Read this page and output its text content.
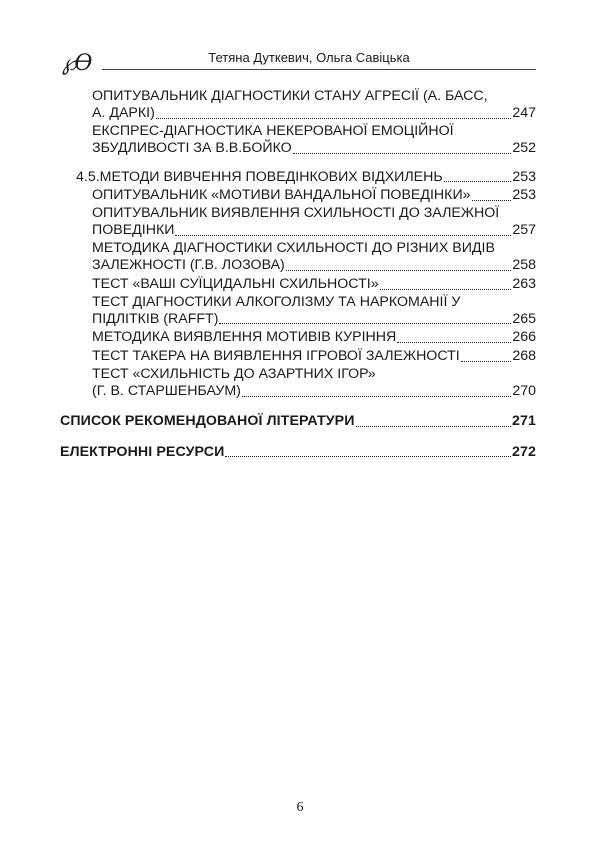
℘ϴ	Тетяна Дуткевич, Ольга Савіцька
ОПИТУВАЛЬНИК ДІАГНОСТИКИ СТАНУ АГРЕСІЇ (А. БАСС,
А. ДАРКІ)	247
ЕКСПРЕС-ДІАГНОСТИКА НЕКЕРОВАНОЇ ЕМОЦІЙНОЇ
ЗБУДЛИВОСТІ ЗА В.В.БОЙКО	252
4.5.МЕТОДИ ВИВЧЕННЯ ПОВЕДІНКОВИХ ВІДХИЛЕНЬ	253
ОПИТУВАЛЬНИК «МОТИВИ ВАНДАЛЬНОЇ ПОВЕДІНКИ»	253
ОПИТУВАЛЬНИК ВИЯВЛЕННЯ СХИЛЬНОСТІ ДО ЗАЛЕЖНОЇ
ПОВЕДІНКИ	257
МЕТОДИКА ДІАГНОСТИКИ СХИЛЬНОСТІ ДО РІЗНИХ ВИДІВ
ЗАЛЕЖНОСТІ (Г.В. ЛОЗОВА)	258
ТЕСТ «ВАШІ СУЇЦИДАЛЬНІ СХИЛЬНОСТІ»	263
ТЕСТ ДІАГНОСТИКИ АЛКОГОЛІЗМУ ТА НАРКОМАНІЇ У
ПІДЛІТКІВ (RAFFT)	265
МЕТОДИКА ВИЯВЛЕННЯ МОТИВІВ КУРІННЯ	266
ТЕСТ ТАКЕРА НА ВИЯВЛЕННЯ ІГРОВОЇ ЗАЛЕЖНОСТІ	268
ТЕСТ «СХИЛЬНІСТЬ ДО АЗАРТНИХ ІГОР»
(Г. В. СТАРШЕНБАУМ)	270
СПИСОК РЕКОМЕНДОВАНОЇ ЛІТЕРАТУРИ	271
ЕЛЕКТРОННІ РЕСУРСИ	272
6
